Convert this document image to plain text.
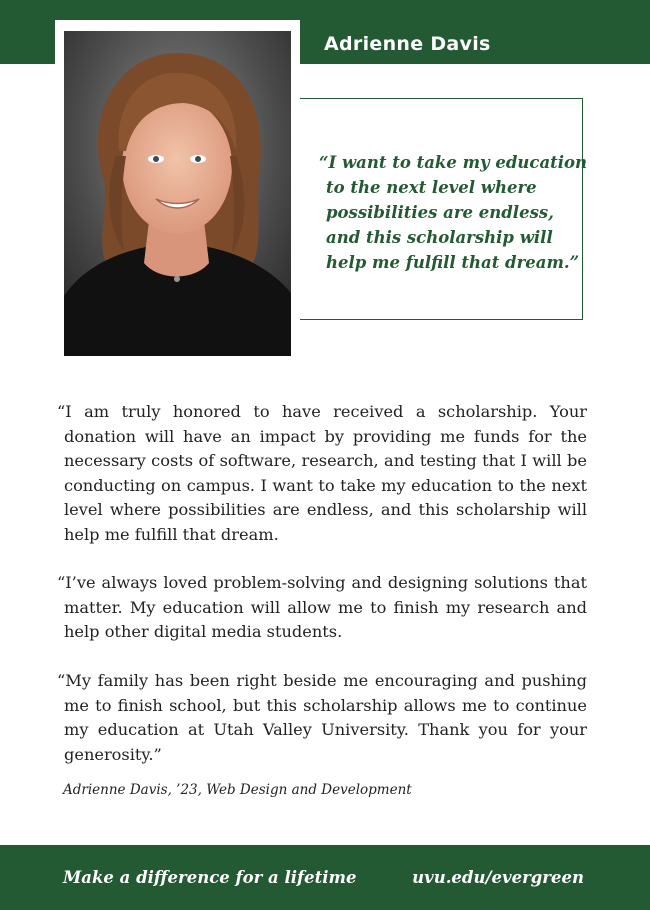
Adrienne Davis
“I want to take my education
to the next level where
possibilities are endless,
and this scholarship will
help me fulfill that dream.”

“I am truly honored to have received a scholarship. Your donation will have an impact by providing me funds for the necessary costs of software, research, and testing that I will be conducting on campus. I want to take my education to the next level where possibilities are endless, and this scholarship will help me fulfill that dream.

“I’ve always loved problem-solving and designing solutions that matter. My education will allow me to finish my research and help other digital media students.

“My family has been right beside me encouraging and pushing me to finish school, but this scholarship allows me to continue my education at Utah Valley University. Thank you for your generosity.”

Adrienne Davis, ’23, Web Design and Development
Make a difference for a lifetime	uvu.edu/evergreen
